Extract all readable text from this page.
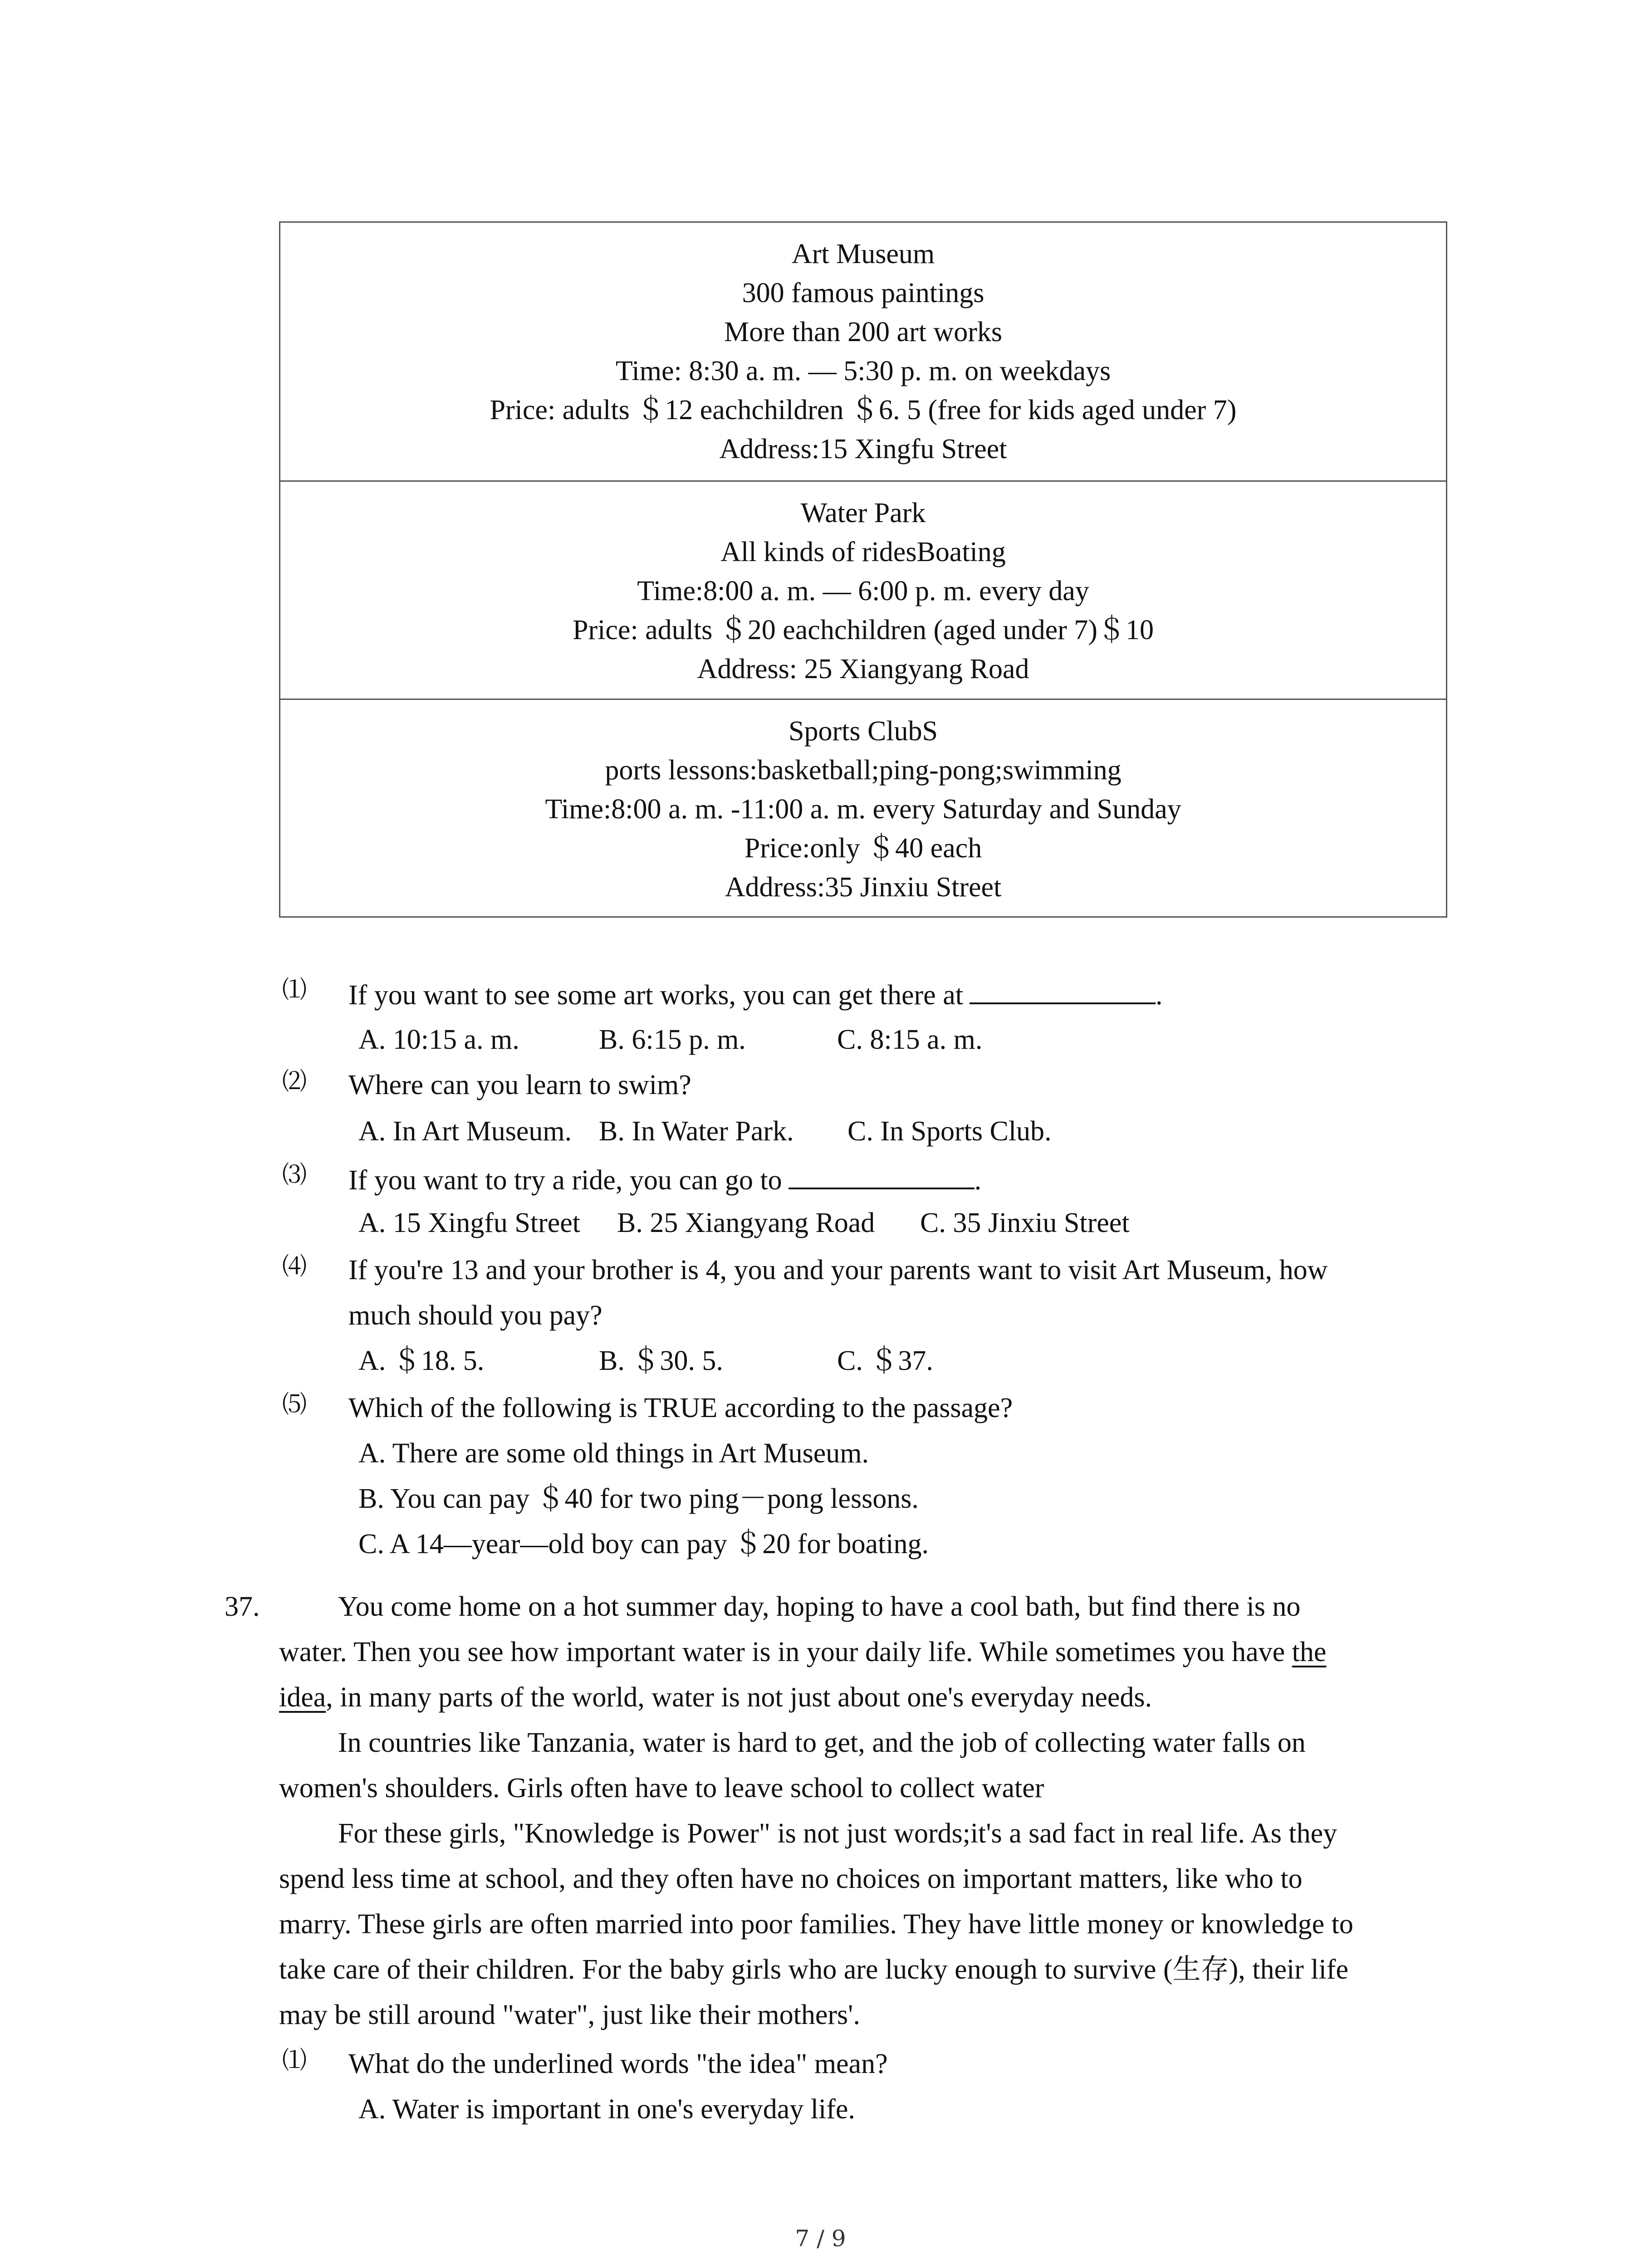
Art Museum
300 famous paintings
More than 200 art works
Time: 8:30 a. m. — 5:30 p. m. on weekdays
Price: adults ＄12 eachchildren ＄6. 5 (free for kids aged under 7)
Address:15 Xingfu Street
Water Park
All kinds of ridesBoating
Time:8:00 a. m. — 6:00 p. m. every day
Price: adults ＄20 eachchildren (aged under 7)＄10
Address: 25 Xiangyang Road
Sports ClubS
ports lessons:basketball;ping-pong;swimming
Time:8:00 a. m. -11:00 a. m. every Saturday and Sunday
Price:only ＄40 each
Address:35 Jinxiu Street
⑴ If you want to see some art works, you can get there at	.
A. 10:15 a. m.	B. 6:15 p. m.	C. 8:15 a. m.
⑵ Where can you learn to swim?
A. In Art Museum. B. In Water Park. C. In Sports Club.
⑶ If you want to try a ride, you can go to	.
A. 15 Xingfu Street B. 25 Xiangyang Road C. 35 Jinxiu Street
⑷ If you're 13 and your brother is 4, you and your parents want to visit Art Museum, how
much should you pay?
A. ＄18. 5.	B. ＄30. 5.	C. ＄37.
⑸ Which of the following is TRUE according to the passage?
A. There are some old things in Art Museum.
B. You can pay ＄40 for two ping－pong lessons.
C. A 14—year—old boy can pay ＄20 for boating.
37.	You come home on a hot summer day, hoping to have a cool bath, but find there is no
water. Then you see how important water is in your daily life. While sometimes you have the
idea, in many parts of the world, water is not just about one's everyday needs.
In countries like Tanzania, water is hard to get, and the job of collecting water falls on
women's shoulders. Girls often have to leave school to collect water
For these girls, "Knowledge is Power" is not just words;it's a sad fact in real life. As they
spend less time at school, and they often have no choices on important matters, like who to
marry. These girls are often married into poor families. They have little money or knowledge to
take care of their children. For the baby girls who are lucky enough to survive (生存), their life
may be still around "water", just like their mothers'.
⑴ What do the underlined words "the idea" mean?
A. Water is important in one's everyday life.
7 / 9
